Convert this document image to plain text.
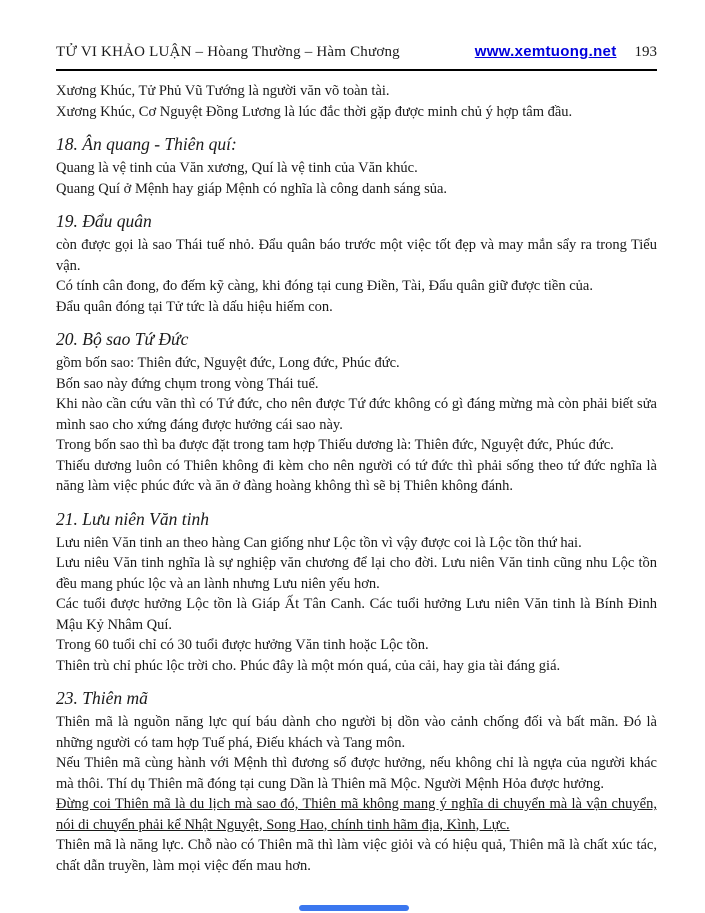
TỬ VI KHẢO LUẬN – Hòang Thường – Hàm Chương	www.xemtuong.net 193

Xương Khúc, Tử Phủ Vũ Tướng là người văn võ toàn tài.

Xương Khúc, Cơ Nguyệt Đồng Lương là lúc đắc thời gặp được minh chủ ý hợp tâm đầu.

18. Ân quang - Thiên quí:

Quang là vệ tinh của Văn xương, Quí là vệ tinh của Văn khúc.

Quang Quí ở Mệnh hay giáp Mệnh có nghĩa là công danh sáng sủa.

19. Đẩu quân

còn được gọi là sao Thái tuế nhỏ. Đẩu quân báo trước một việc tốt đẹp và may mắn sẩy ra trong Tiểu vận.

Có tính cân đong, đo đếm kỹ càng, khi đóng tại cung Điền, Tài, Đẩu quân giữ được tiền của.

Đẩu quân đóng tại Tử tức là dấu hiệu hiếm con.

20. Bộ sao Tứ Đức

gồm bốn sao: Thiên đức, Nguyệt đức, Long đức, Phúc đức.

Bốn sao này đứng chụm trong vòng Thái tuế.

Khi nào cần cứu vãn thì có Tứ đức, cho nên được Tứ đức không có gì đáng mừng mà còn phải biết sửa mình sao cho xứng đáng được hưởng cái sao này.

Trong bốn sao thì ba được đặt trong tam hợp Thiếu dương là: Thiên đức, Nguyệt đức, Phúc đức.

Thiếu dương luôn có Thiên không đi kèm cho nên người có tứ đức thì phải sống theo tứ đức nghĩa là năng làm việc phúc đức và ăn ở đàng hoàng không thì sẽ bị Thiên không đánh.

21. Lưu niên Văn tinh

Lưu niên Văn tinh an theo hàng Can giống như Lộc tồn vì vậy được coi là Lộc tồn thứ hai.

Lưu niêu Văn tinh nghĩa là sự nghiệp văn chương để lại cho đời. Lưu niên Văn tinh cũng nhu Lộc tồn đều mang phúc lộc và an lành nhưng Lưu niên yếu hơn.

Các tuổi được hưởng Lộc tồn là Giáp Ất Tân Canh. Các tuổi hưởng Lưu niên Văn tinh là Bính Đinh Mậu Kỷ Nhâm Quí.

Trong 60 tuổi chỉ có 30 tuổi được hưởng Văn tinh hoặc Lộc tồn.

Thiên trù chỉ phúc lộc trời cho. Phúc đây là một món quá, của cải, hay gia tài đáng giá.

23. Thiên mã

Thiên mã là nguồn năng lực quí báu dành cho người bị dồn vào cảnh chống đối và bất mãn. Đó là những người có tam hợp Tuế phá, Điếu khách và Tang môn.

Nếu Thiên mã cùng hành với Mệnh thì đương số được hưởng, nếu không chỉ là ngựa của người khác mà thôi. Thí dụ Thiên mã đóng tại cung Dần là Thiên mã Mộc. Người Mệnh Hỏa được hưởng.

Đừng coi Thiên mã là du lịch mà sao đó, Thiên mã không mang ý nghĩa di chuyển mà là vận chuyển, nói di chuyển phải kể Nhật Nguyệt, Song Hao, chính tinh hãm địa, Kình, Lực.

Thiên mã là năng lực. Chỗ nào có Thiên mã thì làm việc giỏi và có hiệu quả, Thiên mã là chất xúc tác, chất dẫn truyền, làm mọi việc đến mau hơn.
